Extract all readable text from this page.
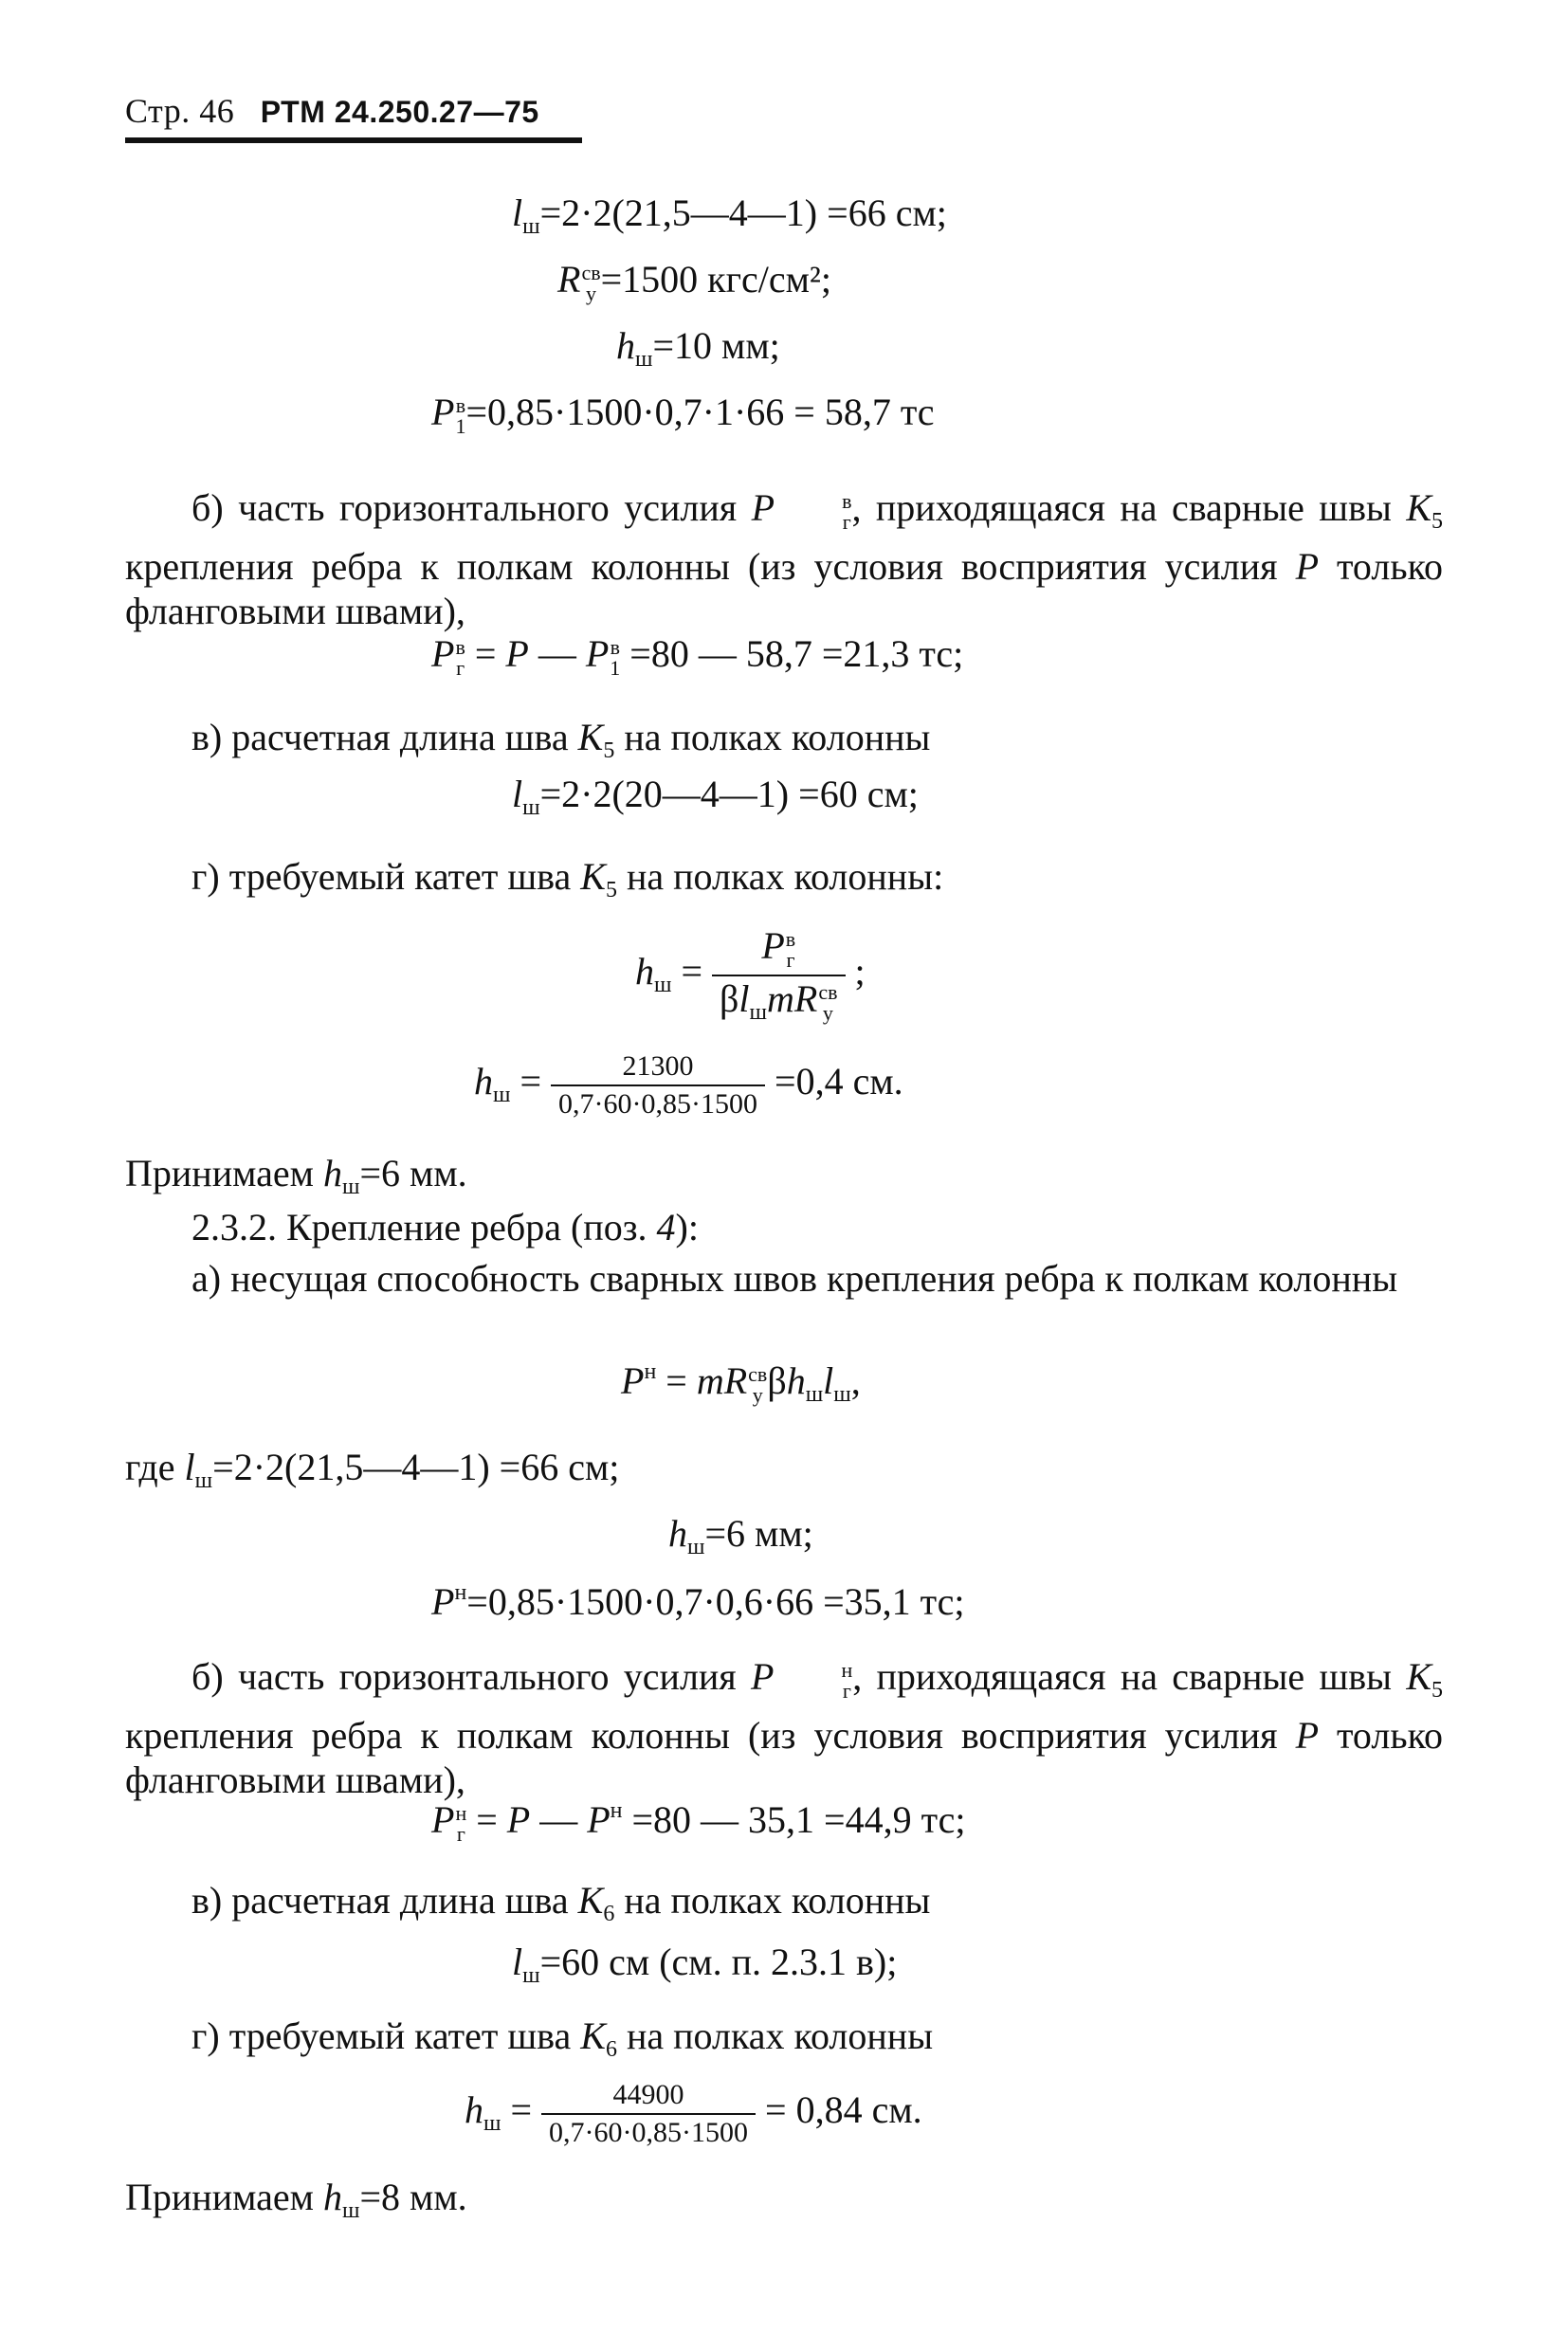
Стр. 46 РТМ 24.250.27—75
$l_ш=2\cdot 2(21,5—4—1) =66$ см;
R св
у =1500 кгс/см²;
$h_ш=10$ мм;
P в
1 =0,85·1500·0,7·1·66 = 58,7 тс
б) часть горизонтального усилия P	в
г , приходящаяся на сварные швы $K_5$ крепления ребра к полкам колонны (из условия восприятия усилия P только фланговыми швами),
P в
г = P — P в
1 =80 — 58,7 =21,3 тс;
в) расчетная длина шва $K_5$ на полках колонны
$l_ш=2\cdot 2(20—4—1) =60$ см;
г) требуемый катет шва $K_5$ на полках колонны:
$h_ш = P$ в
г
$\beta l_шmR$ св
у ;
$h_ш = \frac{21300}{0,7\cdot 60\cdot 0,85\cdot 1500} =0,4$ см.
Принимаем $h_ш=6$ мм.
2.3.2. Крепление ребра (поз. 4):
а) несущая способность сварных швов крепления ребра к полкам колонны
$P^н$ = mR св
у $\beta h_шl_ш$,
где $l_ш=2\cdot 2(21,5—4—1) =66$ см;
$h_ш=6$ мм;
$P^н=0,85\cdot 1500\cdot 0,7\cdot 0,6\cdot 66 =35,1$ тс;
б) часть горизонтального усилия P	н
г , приходящаяся на сварные швы $K_5$ крепления ребра к полкам колонны (из условия восприятия усилия P только фланговыми швами),
P н
г = P — $P^н =80$ — 35,1 =44,9 тс;
в) расчетная длина шва $K_6$ на полках колонны
$l_ш=60$ см (см. п. 2.3.1 в);
г) требуемый катет шва $K_6$ на полках колонны
$h_ш = \frac{44900}{0,7\cdot 60\cdot 0,85\cdot 1500} = 0,84$ см.
Принимаем $h_ш=8$ мм.
